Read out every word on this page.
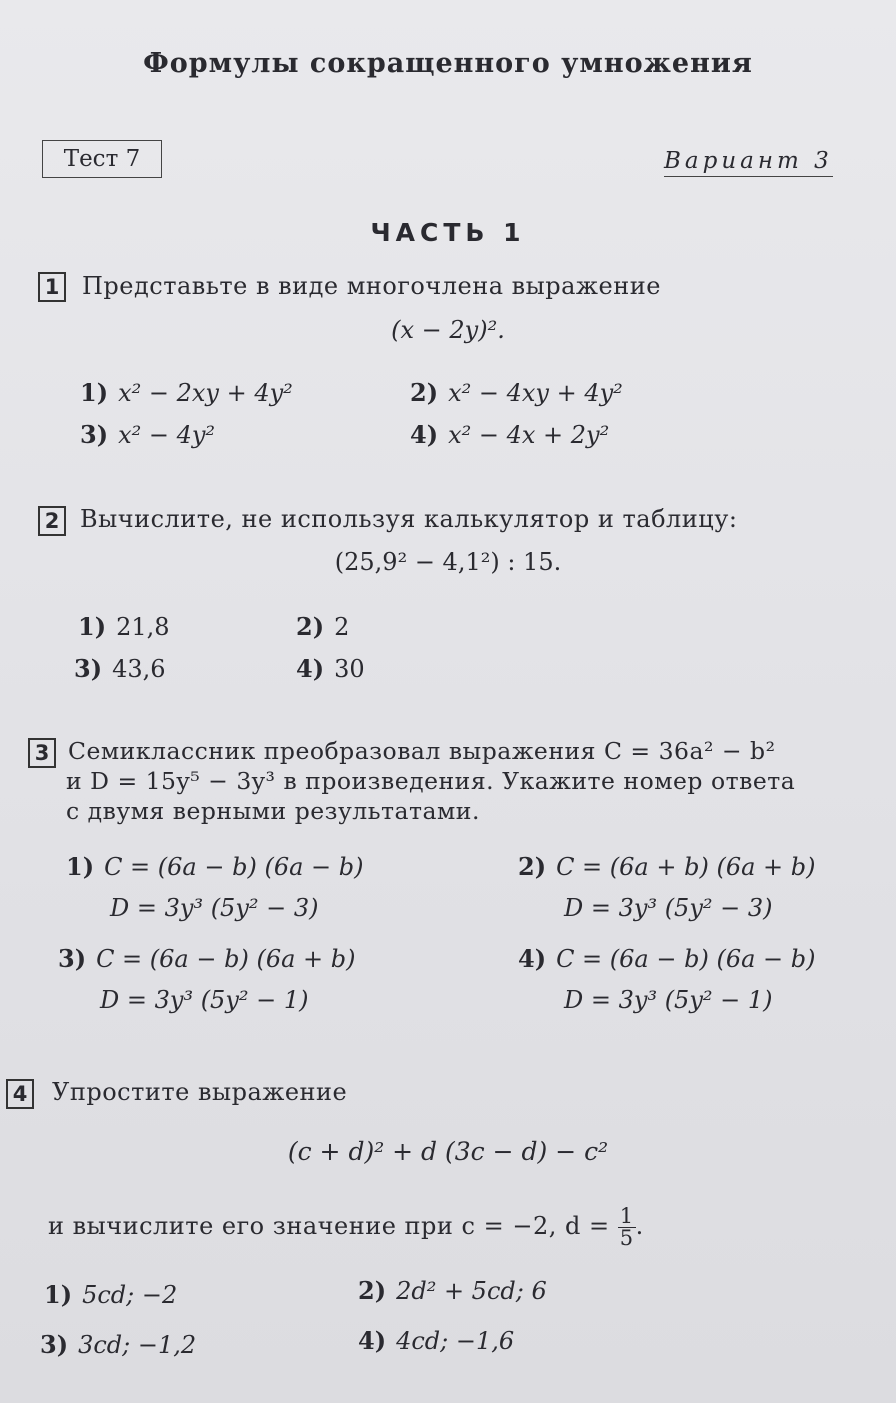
Формулы сокращенного умножения
Тест 7	Вариант 3
ЧАСТЬ 1
1 Представьте в виде многочлена выражение
(x − 2y)².
1) x² − 2xy + 4y²	2) x² − 4xy + 4y²
3) x² − 4y²	4) x² − 4x + 2y²
2 Вычислите, не используя калькулятор и таблицу:
(25,9² − 4,1²) : 15.
1) 21,8	2) 2
3) 43,6	4) 30
3 Семиклассник преобразовал выражения C = 36a² − b²
и D = 15y⁵ − 3y³ в произведения. Укажите номер ответа
с двумя верными результатами.
1) C = (6a − b) (6a − b)
D = 3y³ (5y² − 3)
2) C = (6a + b) (6a + b)
D = 3y³ (5y² − 3)
3) C = (6a − b) (6a + b)
D = 3y³ (5y² − 1)
4) C = (6a − b) (6a − b)
D = 3y³ (5y² − 1)
4 Упростите выражение
(c + d)² + d (3c − d) − c²
и вычислите его значение при c = −2, $d = \frac{1}{5}$ .
1) 5cd; −2	2) 2d² + 5cd; 6
3) 3cd; −1,2	4) 4cd; −1,6
